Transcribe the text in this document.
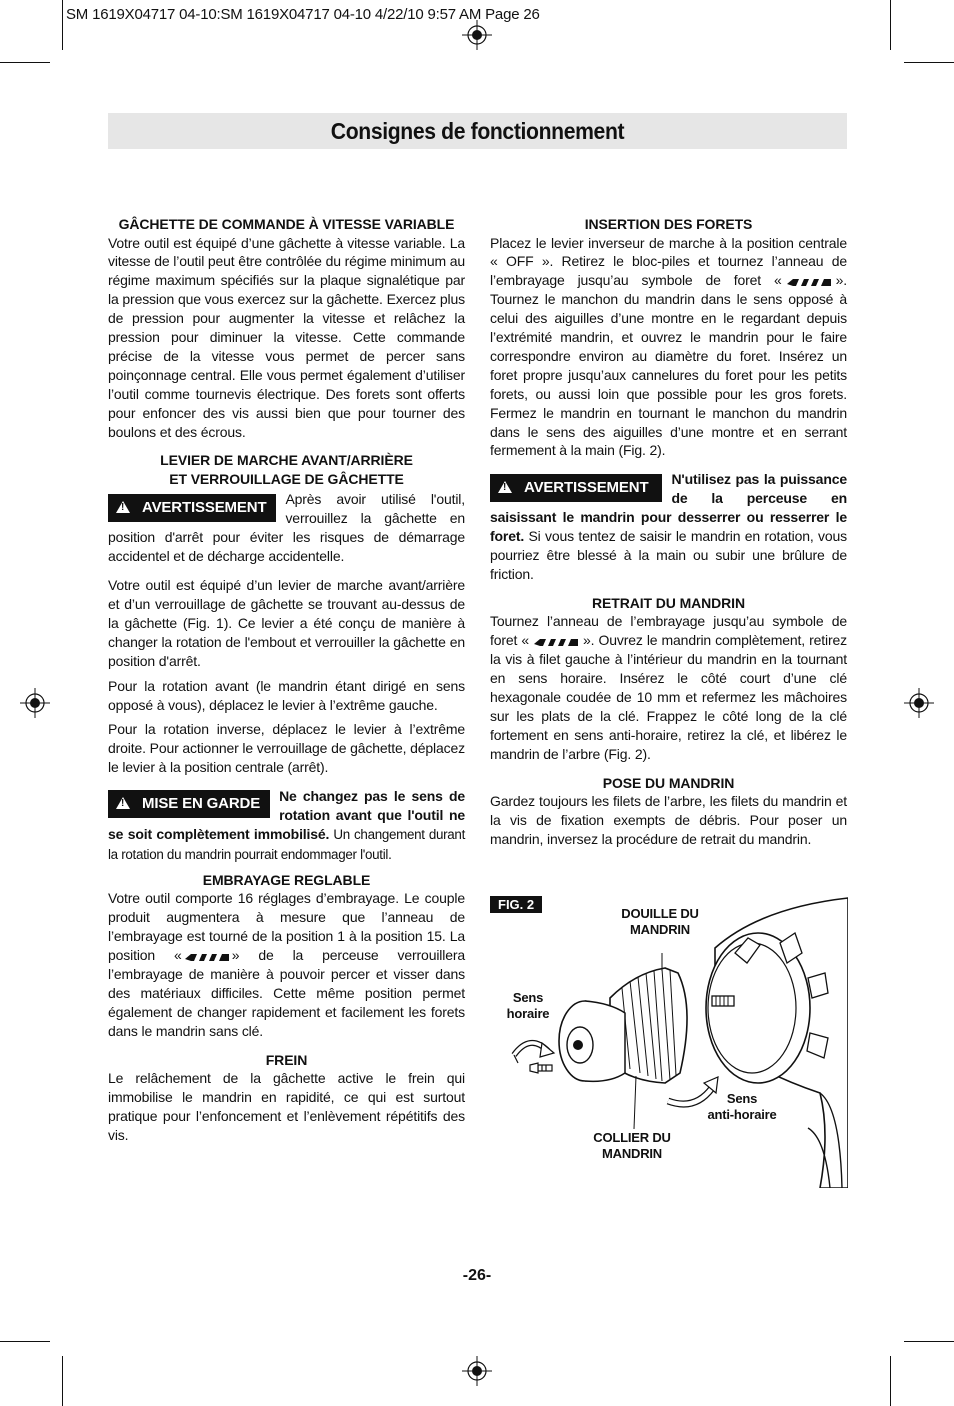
SM 1619X04717 04-10:SM 1619X04717 04-10 4/22/10 9:57 AM Page 26
Consignes de fonctionnement
GÂCHETTE DE COMMANDE À VITESSE VARIABLE
Votre outil est équipé d’une gâchette à vitesse variable. La vitesse de l’outil peut être contrôlée du régime minimum au régime maximum spécifiés sur la plaque signalétique par la pression que vous exercez sur la gâchette. Exercez plus de pression pour augmenter la vitesse et relâchez la pression pour diminuer la vitesse. Cette commande précise de la vitesse vous permet de percer sans poinçonnage central. Elle vous permet également d’utiliser l’outil comme tournevis électrique. Des forets sont offerts pour enfoncer des vis aussi bien que pour tourner des boulons et des écrous.
LEVIER DE MARCHE AVANT/ARRIÈRE
ET VERROUILLAGE DE GÂCHETTE
!AVERTISSEMENT	Après avoir utilisé l'outil, verrouillez la gâchette en position d'arrêt pour éviter les risques de démarrage accidentel et de décharge accidentelle.
Votre outil est équipé d’un levier de marche avant/arrière et d’un verrouillage de gâchette se trouvant au-dessus de la gâchette (Fig. 1). Ce levier a été conçu de manière à changer la rotation de l'embout et verrouiller la gâchette en position d'arrêt.
Pour la rotation avant (le mandrin étant dirigé en sens opposé à vous), déplacez le levier à l’extrême gauche.
Pour la rotation inverse, déplacez le levier à l’extrême droite. Pour actionner le verrouillage de gâchette, déplacez le levier à la position centrale (arrêt).
!MISE EN GARDE	Ne changez pas le sens de rotation avant que l'outil ne se soit complètement immobilisé. Un changement durant la rotation du mandrin pourrait endommager l'outil.
EMBRAYAGE REGLABLE
Votre outil comporte 16 réglages d’embrayage. Le couple produit augmentera à mesure que l’anneau de l’embrayage est tourné de la position 1 à la position 15. La position «	» de la perceuse verrouillera l’embrayage de manière à pouvoir percer et visser dans des matériaux difficiles. Cette même position permet également de changer rapidement et facilement les forets dans le mandrin sans clé.
FREIN
Le relâchement de la gâchette active le frein qui immobilise le mandrin en rapidité, ce qui est surtout pratique pour l’enfoncement et l’enlèvement répétitifs des vis.
INSERTION DES FORETS
Placez le levier inverseur de marche à la position centrale « OFF ». Retirez le bloc-piles et tournez l’anneau de l’embrayage jusqu’au symbole de foret «	». Tournez le manchon du mandrin dans le sens opposé à celui des aiguilles d’une montre en le regardant depuis l’extrémité mandrin, et ouvrez le mandrin pour le faire correspondre environ au diamètre du foret. Insérez un foret propre jusqu’aux cannelures du foret pour les petits forets, ou aussi loin que possible pour les gros forets. Fermez le mandrin en tournant le manchon du mandrin dans le sens des aiguilles d’une montre et en serrant fermement à la main (Fig. 2).
!AVERTISSEMENT	N'utilisez pas la puissance de la perceuse en saisissant le mandrin pour desserrer ou resserrer le foret. Si vous tentez de saisir le mandrin en rotation, vous pourriez être blessé à la main ou subir une brûlure de friction.
RETRAIT DU MANDRIN
Tournez l’anneau de l’embrayage jusqu’au symbole de foret «	». Ouvrez le mandrin complètement, retirez la vis à filet gauche à l’intérieur du mandrin en la tournant en sens horaire. Insérez le côté court d’une clé hexagonale coudée de 10 mm et refermez les mâchoires sur les plats de la clé. Frappez le côté long de la clé fortement en sens anti-horaire, retirez la clé, et libérez le mandrin de l’arbre (Fig. 2).
POSE DU MANDRIN
Gardez toujours les filets de l’arbre, les filets du mandrin et la vis de fixation exempts de débris. Pour poser un mandrin, inversez la procédure de retrait du mandrin.
FIG. 2
DOUILLE DU
MANDRIN
Sens
horaire
Sens
anti-horaire
COLLIER DU
MANDRIN
-26-
